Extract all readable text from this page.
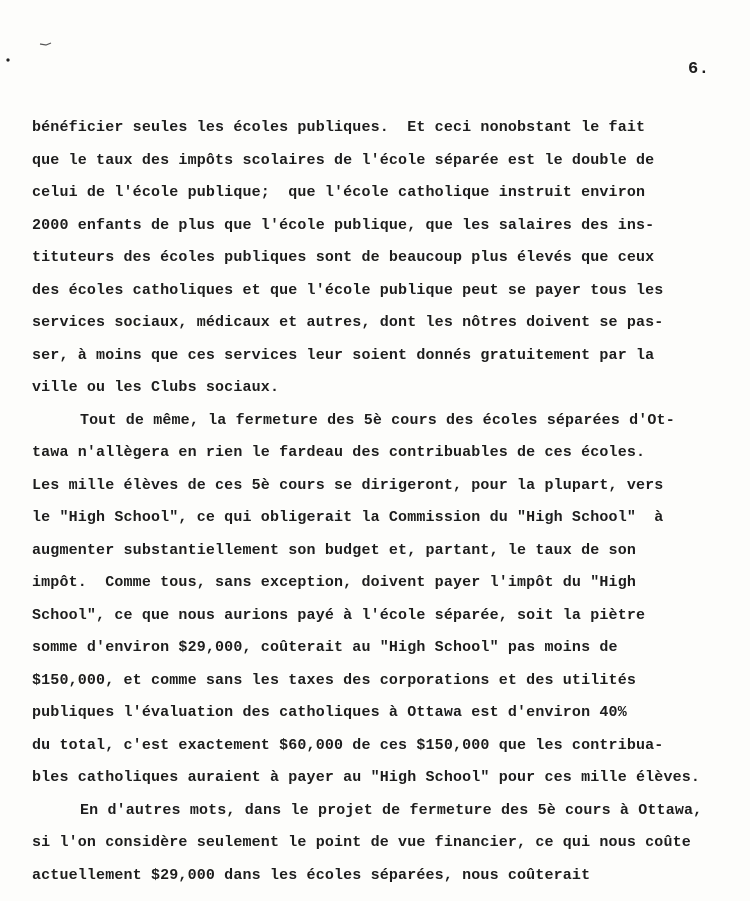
6.
bénéficier seules les écoles publiques.  Et ceci nonobstant le fait
que le taux des impôts scolaires de l'école séparée est le double de
celui de l'école publique;  que l'école catholique instruit environ
2000 enfants de plus que l'école publique, que les salaires des ins-
tituteurs des écoles publiques sont de beaucoup plus élevés que ceux
des écoles catholiques et que l'école publique peut se payer tous les
services sociaux, médicaux et autres, dont les nôtres doivent se pas-
ser, à moins que ces services leur soient donnés gratuitement par la
ville ou les Clubs sociaux.
Tout de même, la fermeture des 5è cours des écoles séparées d'Ot-
tawa n'allègera en rien le fardeau des contribuables de ces écoles.
Les mille élèves de ces 5è cours se dirigeront, pour la plupart, vers
le "High School", ce qui obligerait la Commission du "High School"  à
augmenter substantiellement son budget et, partant, le taux de son
impôt.  Comme tous, sans exception, doivent payer l'impôt du "High
School", ce que nous aurions payé à l'école séparée, soit la piètre
somme d'environ $29,000, coûterait au "High School" pas moins de
$150,000, et comme sans les taxes des corporations et des utilités
publiques l'évaluation des catholiques à Ottawa est d'environ 40%
du total, c'est exactement $60,000 de ces $150,000 que les contribua-
bles catholiques auraient à payer au "High School" pour ces mille élèves.
En d'autres mots, dans le projet de fermeture des 5è cours à Ottawa,
si l'on considère seulement le point de vue financier, ce qui nous coûte
actuellement $29,000 dans les écoles séparées, nous coûterait
